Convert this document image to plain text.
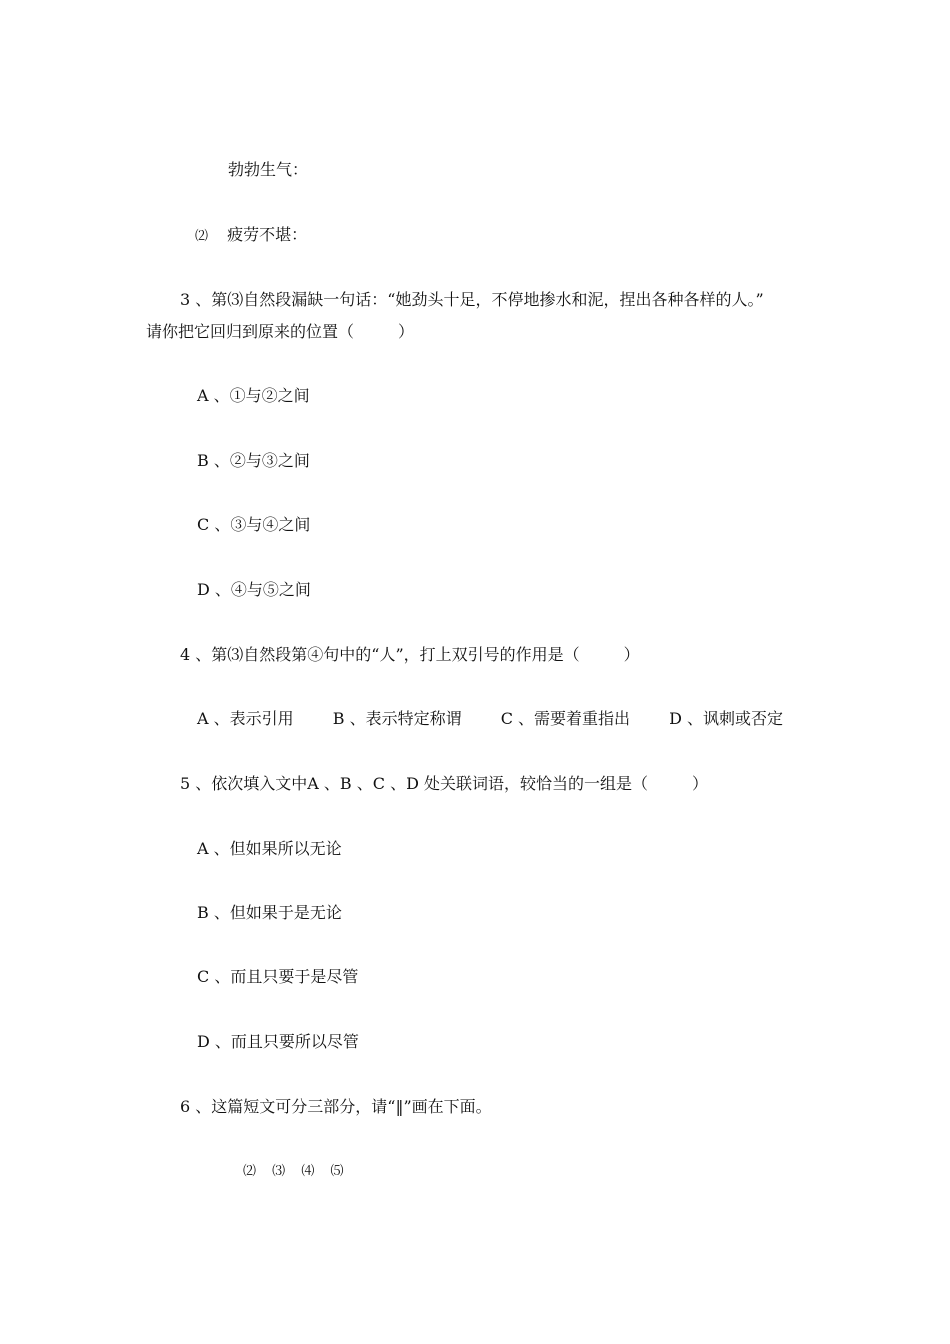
勃勃生气：
⑵ 疲劳不堪：
3 、第⑶自然段漏缺一句话：“她劲头十足，不停地掺水和泥，捏出各种各样的人。”
请你把它回归到原来的位置（	）
A 、①与②之间
B 、②与③之间
C 、③与④之间
D 、④与⑤之间
4 、第⑶自然段第④句中的“人”，打上双引号的作用是（	）
A 、表示引用 B 、表示特定称谓 C 、需要着重指出 D 、讽刺或否定
5 、依次填入文中A 、B 、C 、D 处关联词语，较恰当的一组是（	）
A 、但如果所以无论
B 、但如果于是无论
C 、而且只要于是尽管
D 、而且只要所以尽管
6 、这篇短文可分三部分，请“‖”画在下面。
⑵ ⑶ ⑷ ⑸
